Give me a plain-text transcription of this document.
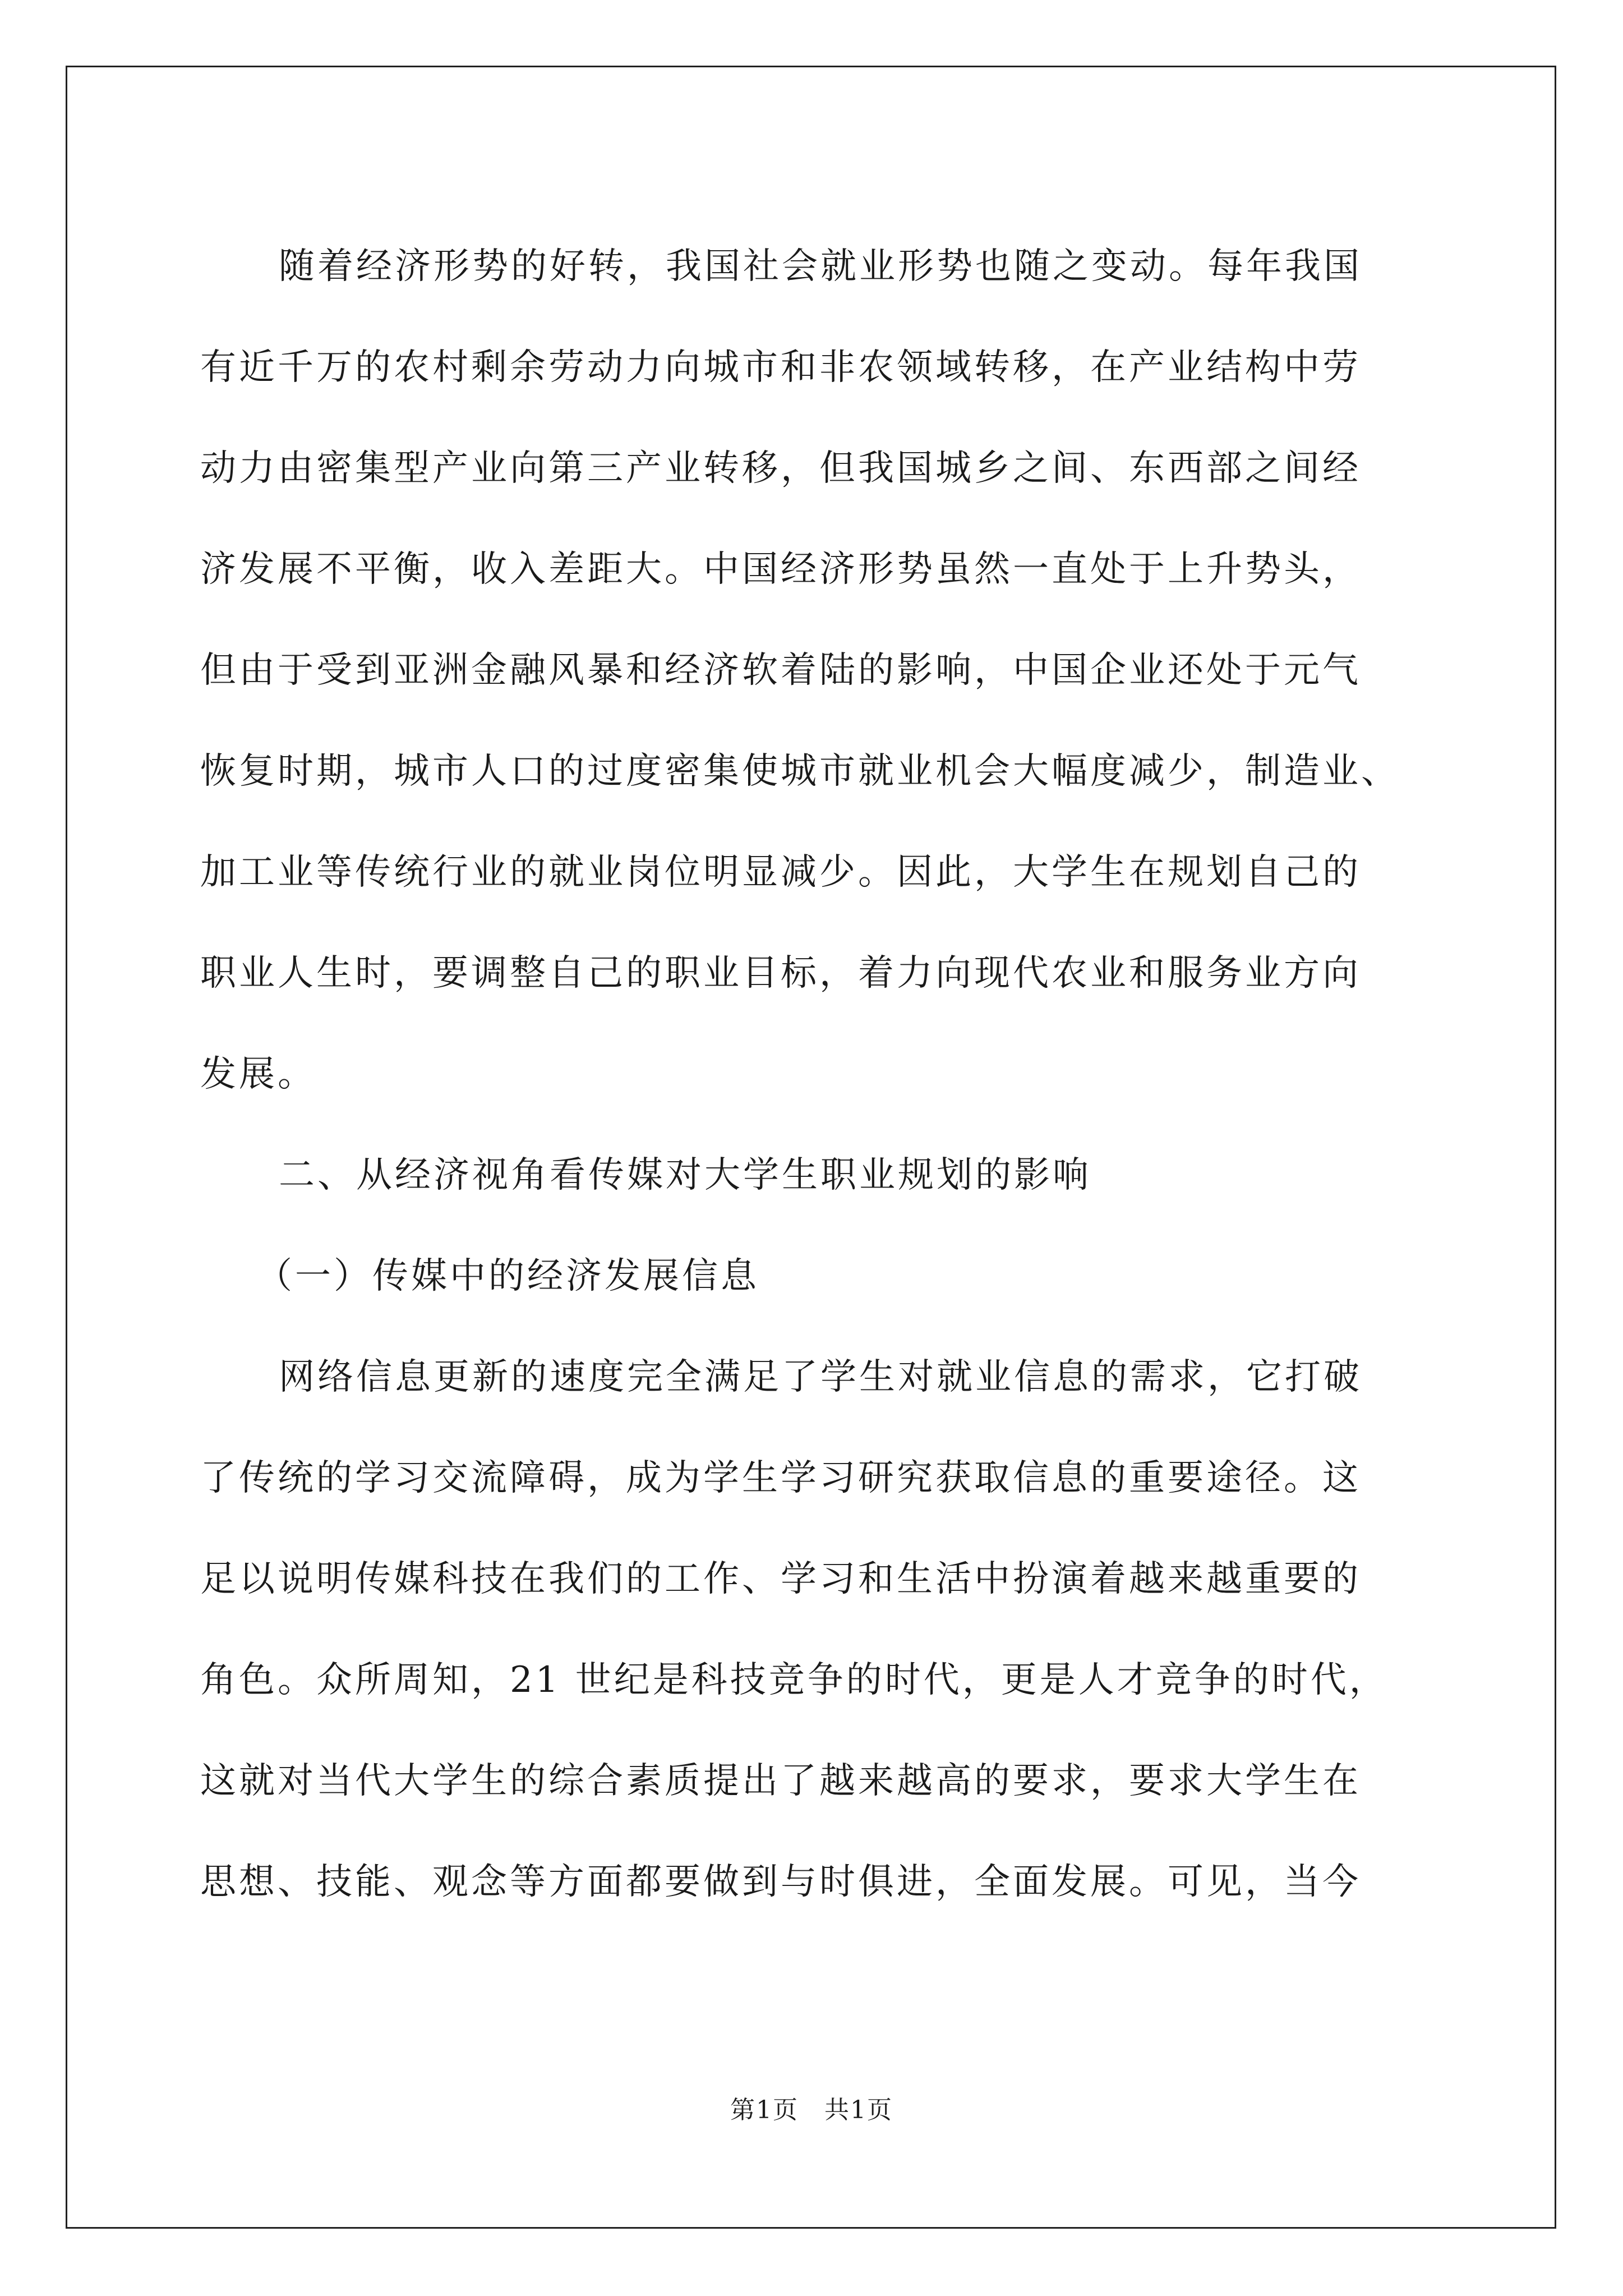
随着经济形势的好转，我国社会就业形势也随之变动。每年我国
有近千万的农村剩余劳动力向城市和非农领域转移，在产业结构中劳
动力由密集型产业向第三产业转移，但我国城乡之间、东西部之间经
济发展不平衡，收入差距大。中国经济形势虽然一直处于上升势头，
但由于受到亚洲金融风暴和经济软着陆的影响，中国企业还处于元气
恢复时期，城市人口的过度密集使城市就业机会大幅度减少，制造业、
加工业等传统行业的就业岗位明显减少。因此，大学生在规划自己的
职业人生时，要调整自己的职业目标，着力向现代农业和服务业方向
发展。

二、从经济视角看传媒对大学生职业规划的影响

（一）传媒中的经济发展信息

网络信息更新的速度完全满足了学生对就业信息的需求，它打破
了传统的学习交流障碍，成为学生学习研究获取信息的重要途径。这
足以说明传媒科技在我们的工作、学习和生活中扮演着越来越重要的
角色。众所周知，21 世纪是科技竞争的时代，更是人才竞争的时代，
这就对当代大学生的综合素质提出了越来越高的要求，要求大学生在
思想、技能、观念等方面都要做到与时俱进，全面发展。可见，当今

第1页　共1页
